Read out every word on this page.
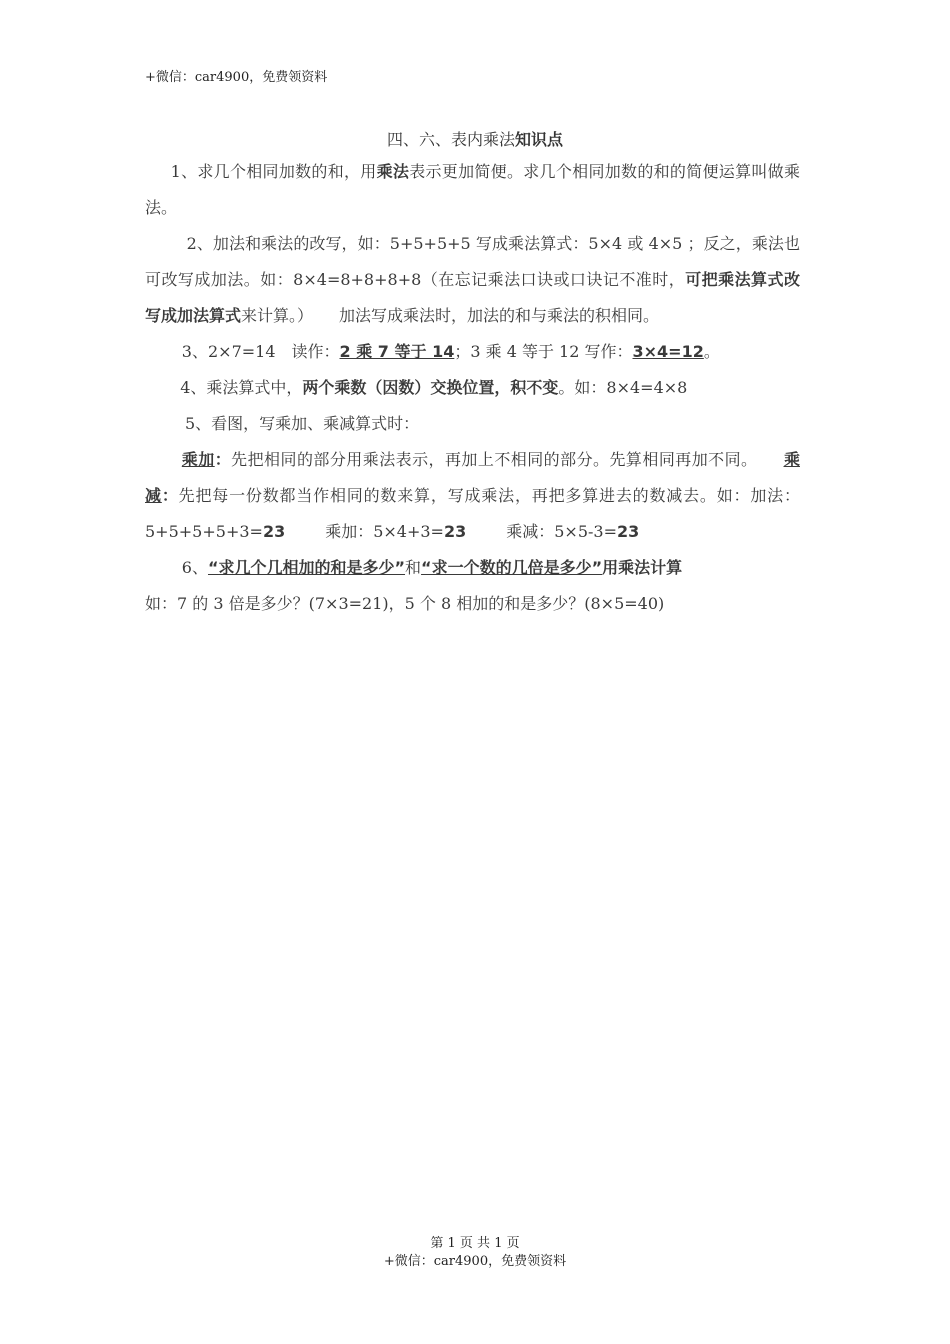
+微信：car4900，免费领资料
四、六、表内乘法知识点

1、求几个相同加数的和，用乘法表示更加简便。求几个相同加数的和的简便运算叫做乘法。

2、加法和乘法的改写，如：5+5+5+5 写成乘法算式：5×4 或 4×5 ；反之，乘法也可改写成加法。如：8×4=8+8+8+8（在忘记乘法口诀或口诀记不准时，可把乘法算式改写成加法算式来计算。） 加法写成乘法时，加法的和与乘法的积相同。

3、2×7=14　读作：2 乘 7 等于 14；3 乘 4 等于 12 写作：3×4=12。

4、乘法算式中，两个乘数（因数）交换位置，积不变。如：8×4=4×8

5、看图，写乘加、乘减算式时：

乘加：先把相同的部分用乘法表示，再加上不相同的部分。先算相同再加不同。 乘减：先把每一份数都当作相同的数来算，写成乘法，再把多算进去的数减去。如：加法：5+5+5+5+3=23	乘加：5×4+3=23	乘减：5×5-3=23

6、“求几个几相加的和是多少”和“求一个数的几倍是多少”用乘法计算

如：7 的 3 倍是多少？(7×3=21)，5 个 8 相加的和是多少？(8×5=40)

第 1 页 共 1 页
+微信：car4900，免费领资料
